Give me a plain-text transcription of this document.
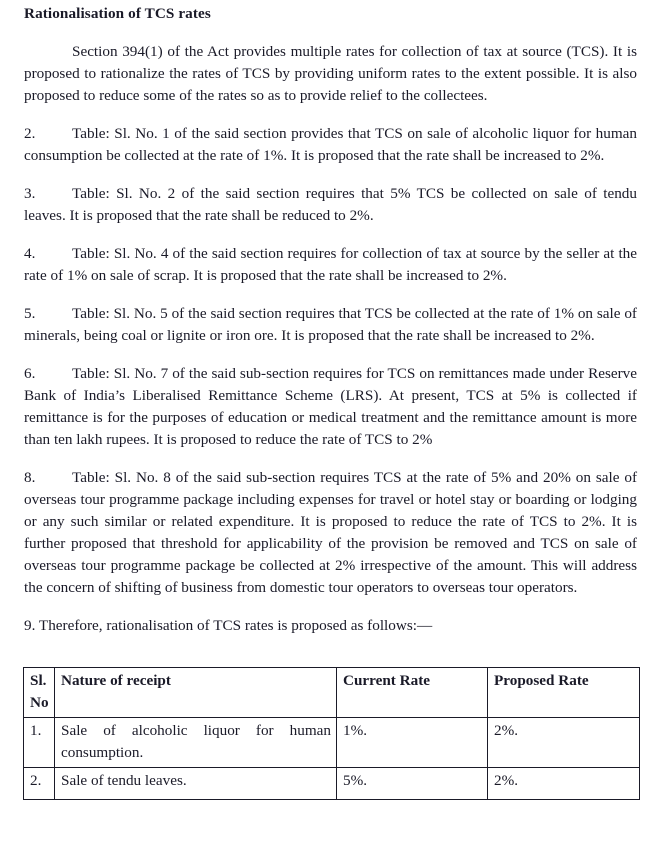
Rationalisation of TCS rates

Section 394(1) of the Act provides multiple rates for collection of tax at source (TCS). It is proposed to rationalize the rates of TCS by providing uniform rates to the extent possible. It is also proposed to reduce some of the rates so as to provide relief to the collectees.

2. Table: Sl. No. 1 of the said section provides that TCS on sale of alcoholic liquor for human consumption be collected at the rate of 1%. It is proposed that the rate shall be increased to 2%.

3. Table: Sl. No. 2 of the said section requires that 5% TCS be collected on sale of tendu leaves. It is proposed that the rate shall be reduced to 2%.

4. Table: Sl. No. 4 of the said section requires for collection of tax at source by the seller at the rate of 1% on sale of scrap. It is proposed that the rate shall be increased to 2%.

5. Table: Sl. No. 5 of the said section requires that TCS be collected at the rate of 1% on sale of minerals, being coal or lignite or iron ore. It is proposed that the rate shall be increased to 2%.

6. Table: Sl. No. 7 of the said sub-section requires for TCS on remittances made under Reserve Bank of India’s Liberalised Remittance Scheme (LRS). At present, TCS at 5% is collected if remittance is for the purposes of education or medical treatment and the remittance amount is more than ten lakh rupees. It is proposed to reduce the rate of TCS to 2%

8. Table: Sl. No. 8 of the said sub-section requires TCS at the rate of 5% and 20% on sale of overseas tour programme package including expenses for travel or hotel stay or boarding or lodging or any such similar or related expenditure. It is proposed to reduce the rate of TCS to 2%. It is further proposed that threshold for applicability of the provision be removed and TCS on sale of overseas tour programme package be collected at 2% irrespective of the amount. This will address the concern of shifting of business from domestic tour operators to overseas tour operators.

9. Therefore, rationalisation of TCS rates is proposed as follows:—

Sl. No	Nature of receipt	Current Rate	Proposed Rate
1.	Sale of alcoholic liquor for human consumption.	1%.	2%.
2.	Sale of tendu leaves.	5%.	2%.
